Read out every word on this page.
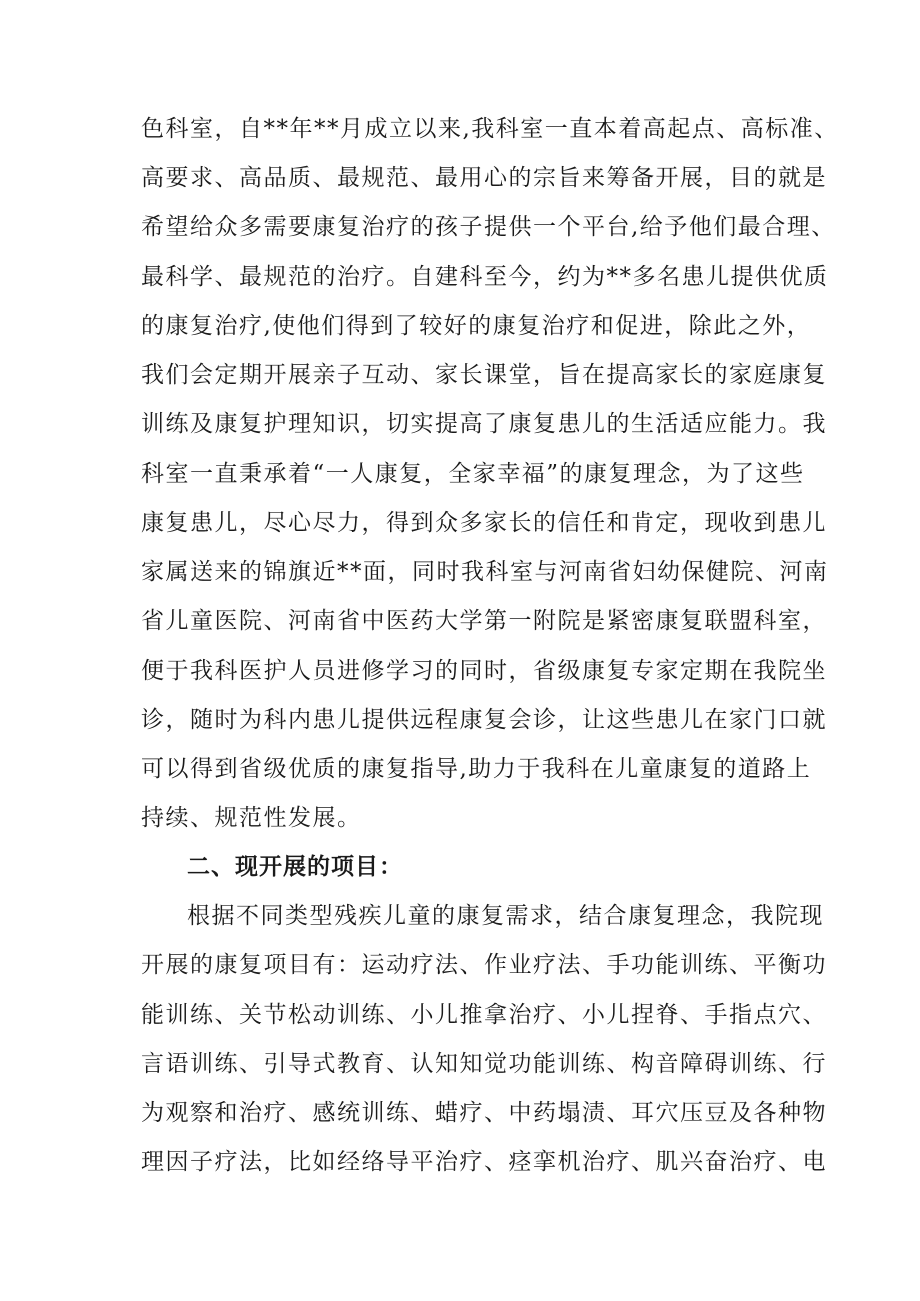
色科室，自**年**月成立以来,我科室一直本着高起点、高标准、
高要求、高品质、最规范、最用心的宗旨来筹备开展，目的就是
希望给众多需要康复治疗的孩子提供一个平台,给予他们最合理、
最科学、最规范的治疗。自建科至今，约为**多名患儿提供优质
的康复治疗,使他们得到了较好的康复治疗和促进，除此之外，
我们会定期开展亲子互动、家长课堂，旨在提高家长的家庭康复
训练及康复护理知识，切实提高了康复患儿的生活适应能力。我
科室一直秉承着“一人康复，全家幸福”的康复理念，为了这些
康复患儿，尽心尽力，得到众多家长的信任和肯定，现收到患儿
家属送来的锦旗近**面，同时我科室与河南省妇幼保健院、河南
省儿童医院、河南省中医药大学第一附院是紧密康复联盟科室，
便于我科医护人员进修学习的同时，省级康复专家定期在我院坐
诊，随时为科内患儿提供远程康复会诊，让这些患儿在家门口就
可以得到省级优质的康复指导,助力于我科在儿童康复的道路上
持续、规范性发展。
二、现开展的项目：
根据不同类型残疾儿童的康复需求，结合康复理念，我院现
开展的康复项目有：运动疗法、作业疗法、手功能训练、平衡功
能训练、关节松动训练、小儿推拿治疗、小儿捏脊、手指点穴、
言语训练、引导式教育、认知知觉功能训练、构音障碍训练、行
为观察和治疗、感统训练、蜡疗、中药塌渍、耳穴压豆及各种物
理因子疗法，比如经络导平治疗、痉挛机治疗、肌兴奋治疗、电
